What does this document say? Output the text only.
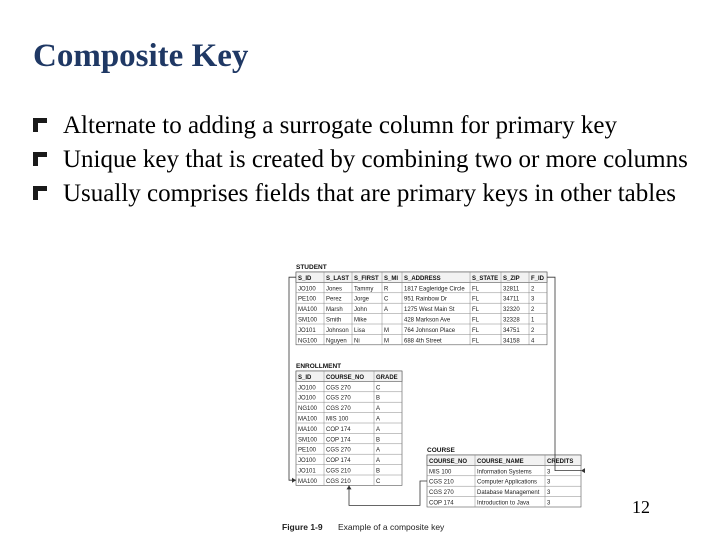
Composite Key
Alternate to adding a surrogate column for primary key
Unique key that is created by combining two or more columns
Usually comprises fields that are primary keys in other tables
STUDENT
S_ID
JO100
PE100
MA100
SM100
JO101
NG100
S_LAST
Jones
Perez
Marsh
Smith
Johnson
Nguyen
S_FIRST
Tammy
Jorge
John
Mike
Lisa
Ni
S_MI
R
C
A
M
M
S_ADDRESS
1817 Eagleridge Circle
951 Rainbow Dr
1275 West Main St
428 Markson Ave
764 Johnson Place
688 4th Street
S_STATE
FL
FL
FL
FL
FL
FL
S_ZIP
32811
34711
32320
32328
34751
34158
F_ID
2
3
2
1
2
4
ENROLLMENT
S_ID
JO100
JO100
NG100
MA100
MA100
SM100
PE100
JO100
JO101
MA100
COURSE_NO
CGS 270
CGS 270
CGS 270
MIS 100
COP 174
COP 174
CGS 270
COP 174
CGS 210
CGS 210
GRADE
C
B
A
A
A
B
A
A
B
C
COURSE
COURSE_NO
MIS 100
CGS 210
CGS 270
COP 174
COURSE_NAME
Information Systems
Computer Applications
Database Management
Introduction to Java
CREDITS
3
3
3
3
Figure 1-9 Example of a composite key
12
